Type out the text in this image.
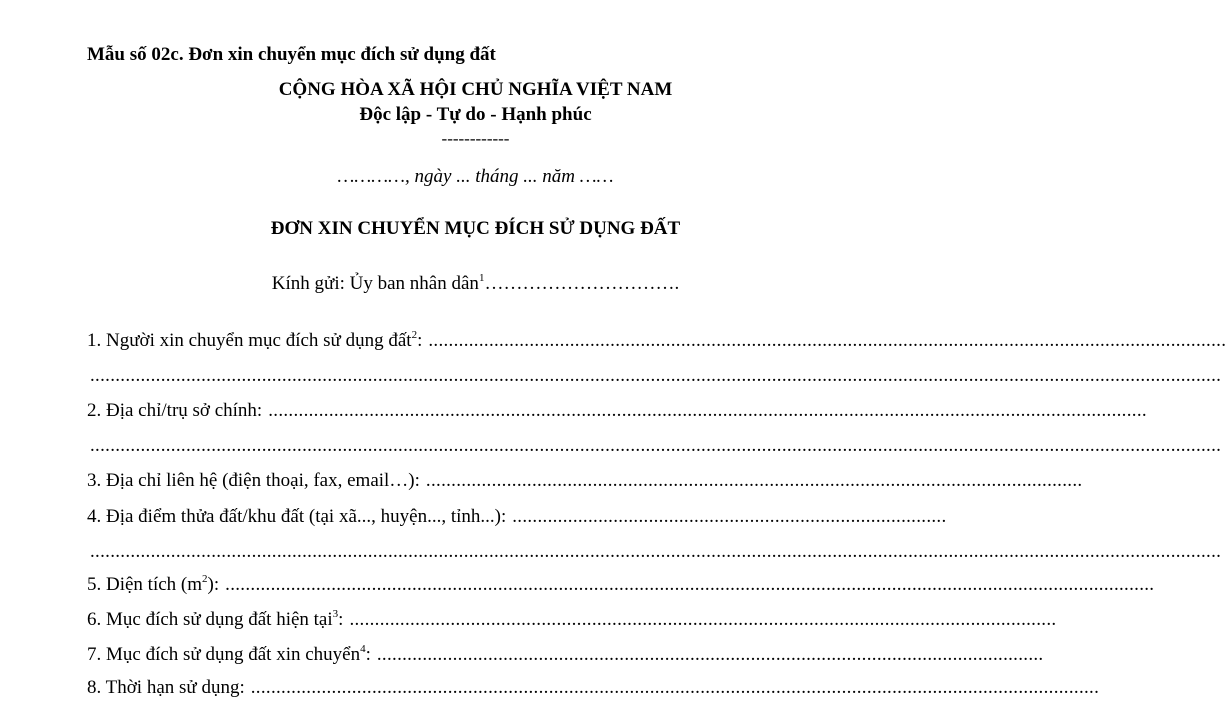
Mẫu số 02c. Đơn xin chuyển mục đích sử dụng đất
CỘNG HÒA XÃ HỘI CHỦ NGHĨA VIỆT NAM
Độc lập - Tự do - Hạnh phúc
------------
…………, ngày ... tháng ... năm ……
ĐƠN XIN CHUYỂN MỤC ĐÍCH SỬ DỤNG ĐẤT
Kính gửi: Ủy ban nhân dân$^1$………………………….
1. Người xin chuyển mục đích sử dụng đất$^2$: ..............................................................................................................................................................
................................................................................................................................................................................................................................
2. Địa chỉ/trụ sở chính: ..............................................................................................................................................................................
................................................................................................................................................................................................................................
3. Địa chỉ liên hệ (điện thoại, fax, email…): ..................................................................................................................................
4. Địa điểm thửa đất/khu đất (tại xã..., huyện..., tỉnh...): ......................................................................................
................................................................................................................................................................................................................................
5. Diện tích $(m^2)$: ........................................................................................................................................................................................
6. Mục đích sử dụng đất hiện tại$^3$: ............................................................................................................................................
7. Mục đích sử dụng đất xin chuyển$^4$: ....................................................................................................................................
8. Thời hạn sử dụng: ........................................................................................................................................................................
